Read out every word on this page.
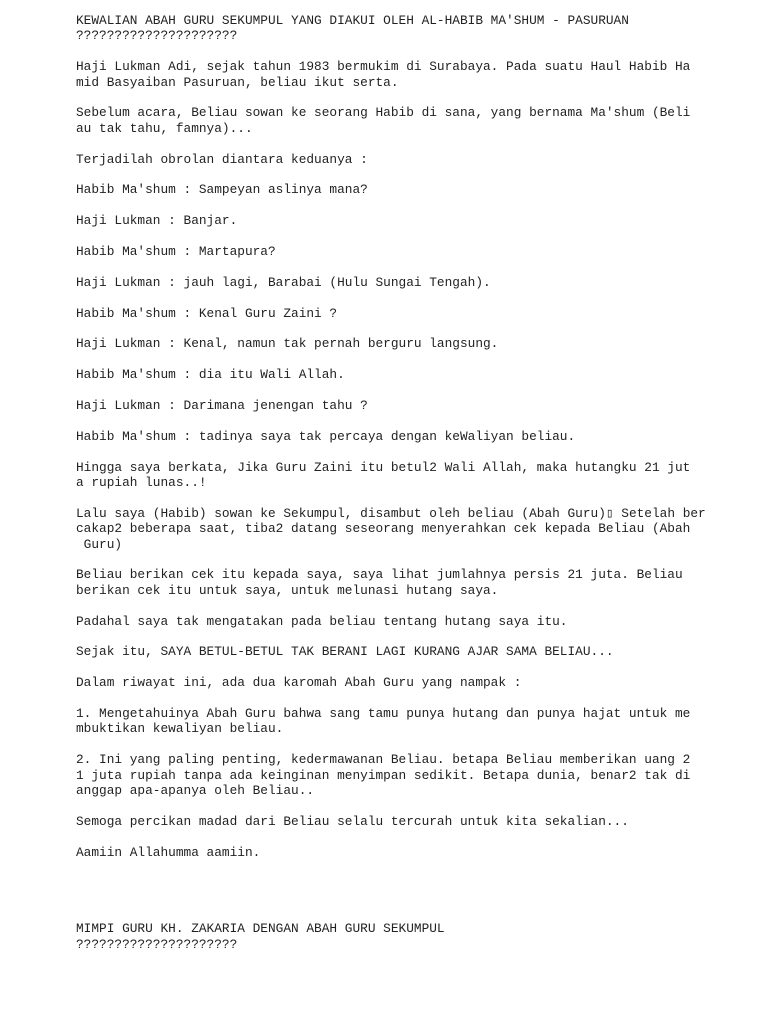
KEWALIAN ABAH GURU SEKUMPUL YANG DIAKUI OLEH AL-HABIB MA'SHUM - PASURUAN
?????????????????????

Haji Lukman Adi, sejak tahun 1983 bermukim di Surabaya. Pada suatu Haul Habib Ha
mid Basyaiban Pasuruan, beliau ikut serta.

Sebelum acara, Beliau sowan ke seorang Habib di sana, yang bernama Ma'shum (Beli
au tak tahu, famnya)...

Terjadilah obrolan diantara keduanya :

Habib Ma'shum : Sampeyan aslinya mana?

Haji Lukman : Banjar.

Habib Ma'shum : Martapura?

Haji Lukman : jauh lagi, Barabai (Hulu Sungai Tengah).

Habib Ma'shum : Kenal Guru Zaini ?

Haji Lukman : Kenal, namun tak pernah berguru langsung.

Habib Ma'shum : dia itu Wali Allah.

Haji Lukman : Darimana jenengan tahu ?

Habib Ma'shum : tadinya saya tak percaya dengan keWaliyan beliau.

Hingga saya berkata, Jika Guru Zaini itu betul2 Wali Allah, maka hutangku 21 jut
a rupiah lunas..!

Lalu saya (Habib) sowan ke Sekumpul, disambut oleh beliau (Abah Guru)▯ Setelah ber
cakap2 beberapa saat, tiba2 datang seseorang menyerahkan cek kepada Beliau (Abah
Guru)

Beliau berikan cek itu kepada saya, saya lihat jumlahnya persis 21 juta. Beliau
berikan cek itu untuk saya, untuk melunasi hutang saya.

Padahal saya tak mengatakan pada beliau tentang hutang saya itu.

Sejak itu, SAYA BETUL-BETUL TAK BERANI LAGI KURANG AJAR SAMA BELIAU...

Dalam riwayat ini, ada dua karomah Abah Guru yang nampak :

1. Mengetahuinya Abah Guru bahwa sang tamu punya hutang dan punya hajat untuk me
mbuktikan kewaliyan beliau.

2. Ini yang paling penting, kedermawanan Beliau. betapa Beliau memberikan uang 2
1 juta rupiah tanpa ada keinginan menyimpan sedikit. Betapa dunia, benar2 tak di
anggap apa-apanya oleh Beliau..

Semoga percikan madad dari Beliau selalu tercurah untuk kita sekalian...

Aamiin Allahumma aamiin.

MIMPI GURU KH. ZAKARIA DENGAN ABAH GURU SEKUMPUL
?????????????????????
